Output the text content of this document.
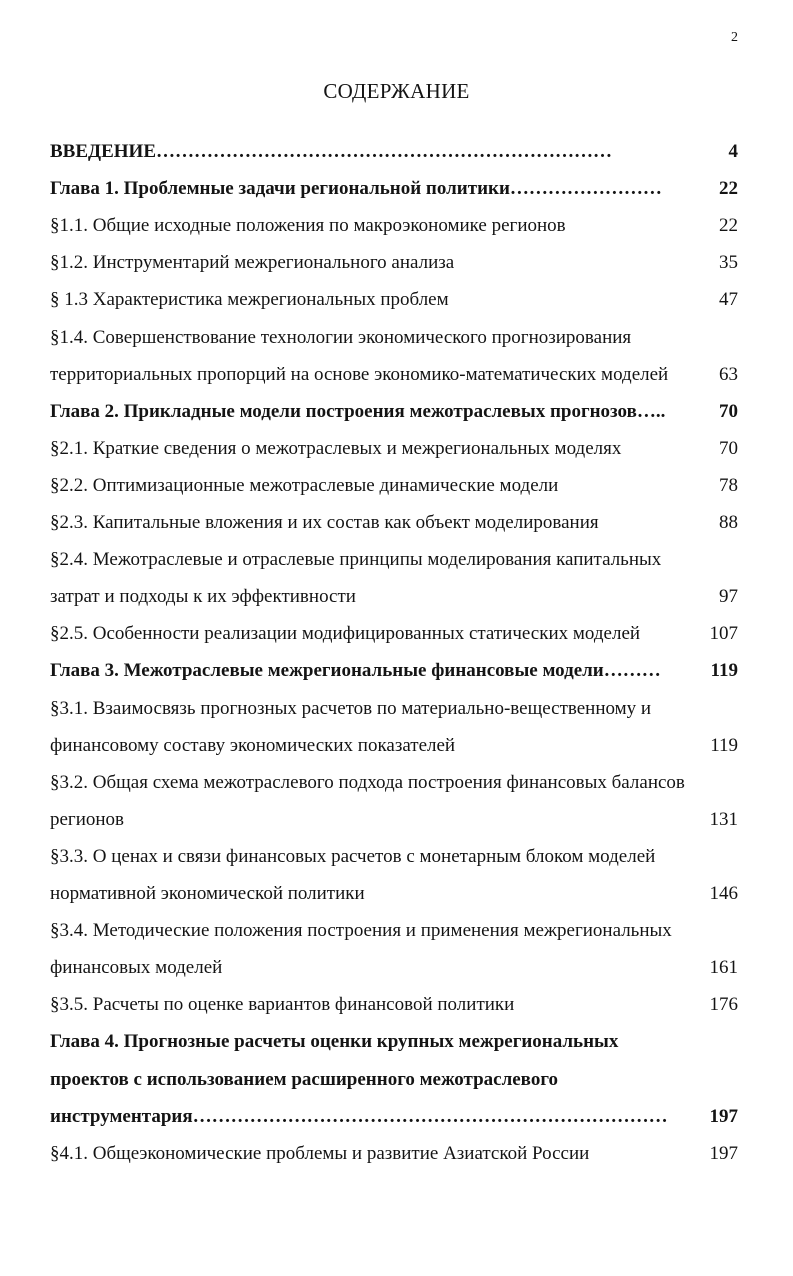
2
СОДЕРЖАНИЕ
ВВЕДЕНИЕ………………………………………………………………	4
Глава 1. Проблемные задачи региональной политики……………………	22
§1.1. Общие исходные положения по макроэкономике регионов	22
§1.2. Инструментарий межрегионального анализа	35
§ 1.3 Характеристика межрегиональных проблем	47
§1.4. Совершенствование технологии экономического прогнозирования
территориальных пропорций на основе экономико-математических моделей	63
Глава 2. Прикладные модели построения межотраслевых прогнозов…..	70
§2.1. Краткие сведения о межотраслевых и межрегиональных моделях	70
§2.2. Оптимизационные межотраслевые динамические модели	78
§2.3. Капитальные вложения и их состав как объект моделирования	88
§2.4. Межотраслевые и отраслевые принципы моделирования капитальных
затрат и подходы к их эффективности	97
§2.5. Особенности реализации модифицированных статических моделей	107
Глава 3. Межотраслевые межрегиональные финансовые модели………	119
§3.1. Взаимосвязь прогнозных расчетов по материально-вещественному и
финансовому составу экономических показателей	119
§3.2. Общая схема межотраслевого подхода построения финансовых балансов
регионов	131
§3.3. О ценах и связи финансовых расчетов с монетарным блоком моделей
нормативной экономической политики	146
§3.4. Методические положения построения и применения межрегиональных
финансовых моделей	161
§3.5. Расчеты по оценке вариантов финансовой политики	176
Глава 4. Прогнозные расчеты оценки крупных межрегиональных
проектов с использованием расширенного межотраслевого
инструментария…………………………………………………………………	197
§4.1. Общеэкономические проблемы и развитие Азиатской России	197
